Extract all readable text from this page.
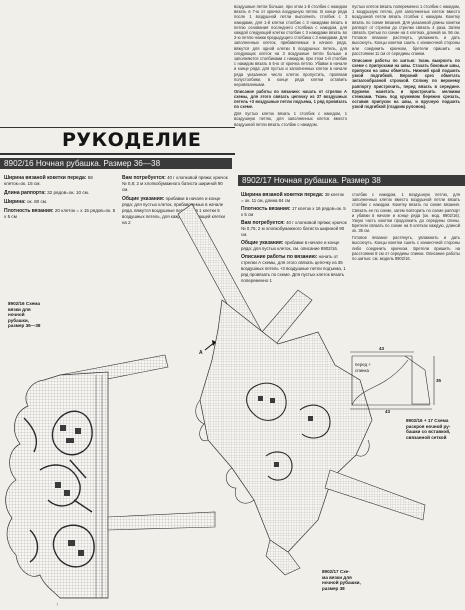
воздушные петли больше, при этом 1-й столбик с накидом вязать в 7-ю от крючка воздушную петлю. В конце ряда после 1 воздушной петли выполнить столбик с 3 накидами, для 1-й клетки столбик с 3 накидами вязать в петлю основания последнего столбика с накидом, для каждой следующей клетки столбик с 3 накидами вязать во 2-ю петлю ножки предыдущего столбика с 3 накидами. Для заполненных клеток, прибавляемых в начале ряда, вяжутся для одной клетки 5 воздушных петель, для следующих клеток на 3 воздушные петли больше и заполняются столбиками с накидом, при этом 1-й столбик с накидом вязать в 5-ю от крючка петлю. Убавки в начале и конце ряда: для пустых и заполненных клеток в начале ряда указанное число клеток пропустить, провязав полустолбики, в конце ряда клетки оставить неровязанными.

Описание работы по вязанию: начать от стрелки А схемы, для этого связать цепочку из 37 воздушных петель +3 воздушные петли подъема, 1 ряд провязать по схеме.

Для пустых клеток вязать 1 столбик с накидом, 1 воздушную петлю, для заполненных клеток вместо воздушной петли вязать столбик с накидом.

пустых клеток вязать попеременно 1 столбик с накидом, 1 воздушную петлю, для заполненных клеток вместо воздушной петли вязать столбик с накидом. Кокетку вязать по схеме вязания. Для указанной длины кокетки раппорт от стрелки до стрелки связать 4 раза. Затем связать третью по схеме на 4 клетках, длиной ок. 56 см. Готовое вязаное растянуть, увлажнить и дать высохнуть. Концы кокетки сшить с изнаночной стороны или соединить крючком, бретели пришить на расстоянии 11 см от середины спинки.

Описание работы по шитью: ткань выкроить по схеме с припусками на швы. Стачать боковые швы, припуски на швы обметать. Нижний край подшить узкой подгибкой. Верхний срез обметать зигзагообразной строчкой. Сплину по верхнему раппорту пристрочить, перед вязать в середине. Кружево наметать и пристрочить мелкими стежками. Ткань под кружевом бережно срезать, оставив припуски на швы, и вручную подшить узкой подгибкой (гладким рулоном).

РУКОДЕЛИЕ
8902/16 Ночная рубашка. Размер 36—38
Ширина вязаной кокетки переда: 58 клеток=ок. 15 см.
Длина раппорта: 32 рядов=ок. 10 см.
Ширина: ок. 80 см.
Плотность вязания: 20 клеток = х 15 рядов=ок. 5 х 5 см
Вам потребуется: 40 г хлопковой пряжи; крючок № 0,8; 2 м хлопкобумажного батиста шириной 90 см.
Общие указания: прибавки в начале и конце ряда: для пустых клеток, прибавляемых в начале ряда, вяжутся воздушные петли. Для 1 клетки 5 воздушных петель, для каждой следующей клетки на 2
8902/17 Ночная рубашка. Размер 38
Ширина вязаной кокетки переда: 38 клеток = ок. 11 см, длина 84 см
Плотность вязания: 17 клеток x 16 рядов=ок. 5 x 5 см
Вам потребуется: 40 г хлопковой пряжи; крючок № 0,75; 2 м хлопкобумажного батиста шириной 90 см.
Общие указания: прибавки в начале и конце ряда: для пустых клеток, см. описание 8902/16.
Описание работы по вязанию: начать от стрелки А схемы, для этого связать цепочку из 35 воздушных петель +3 воздушные петли подъема, 1 ряд провязать по схеме. Для пустых клеток вязать попеременно 1

столбик с накидом, 1 воздушную петлю, для заполненных клеток вместо воздушной петли вязать столбик с накидом. Кокетку вязать по схеме вязания. Связать ее по схеме, затем повторить по схеме раппорт и убавки в начале и конце ряда (ок. мод. 8902/16). Узкую часть кокетки продолжить до середины спины. Бретели связать по схеме на 5 клетках каждую, длиной ок. 35 см.

Готовое вязаное растянуть, увлажнить и дать высохнуть. Концы кокетки сшить с изнаночной стороны либо соединить крючком. Бретели пришить на расстоянии 8 см от середины спинки. Описание работы по шитью: см. модель 8902/16.

8902/16 Схема
вязки для
ночной
рубашки,
размер 36—38
↑
43
35
43
перед +
спинка
А
8902/16 + 17 Схема
раскроя ночной ру-
башки со вставкой,
связанной сеткой
8902/17 Схе-
ма вязки для
ночной рубашки,
размер 38
